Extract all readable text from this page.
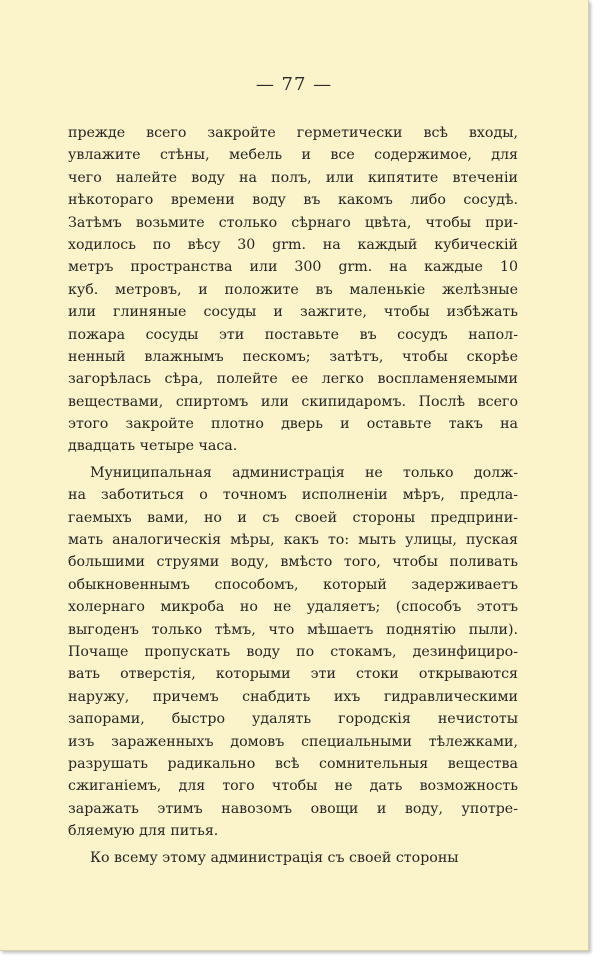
— 77 —
прежде всего закройте герметически всѣ входы,
увлажите стѣны, мебель и все содержимое, для
чего налейте воду на полъ, или кипятите втеченіи
нѣкотораго времени воду въ какомъ либо сосудѣ.
Затѣмъ возьмите столько сѣрнаго цвѣта, чтобы при-
ходилось по вѣсу 30 grm. на каждый кубическій
метръ пространства или 300 grm. на каждые 10
куб. метровъ, и положите въ маленькіе желѣзные
или глиняные сосуды и зажгите, чтобы избѣжать
пожара сосуды эти поставьте въ сосудъ напол-
ненный влажнымъ пескомъ; затѣтъ, чтобы скорѣе
загорѣлась сѣра, полейте ее легко воспламеняемыми
веществами, спиртомъ или скипидаромъ. Послѣ всего
этого закройте плотно дверь и оставьте такъ на
двадцать четыре часа.
Муниципальная администрація не только долж-
на заботиться о точномъ исполненіи мѣръ, предла-
гаемыхъ вами, но и съ своей стороны предприни-
мать аналогическія мѣры, какъ то: мыть улицы, пуская
большими струями воду, вмѣсто того, чтобы поливать
обыкновеннымъ способомъ, который задерживаетъ
холернаго микроба но не удаляетъ; (способъ этотъ
выгоденъ только тѣмъ, что мѣшаетъ поднятію пыли).
Почаще пропускать воду по стокамъ, дезинфициро-
вать отверстія, которыми эти стоки открываются
наружу, причемъ снабдить ихъ гидравлическими
запорами, быстро удалять городскія нечистоты
изъ зараженныхъ домовъ специальными тѣлежками,
разрушать радикально всѣ сомнительныя вещества
сжиганіемъ, для того чтобы не дать возможность
заражать этимъ навозомъ овощи и воду, употре-
бляемую для питья.
Ко всему этому администрація съ своей стороны
